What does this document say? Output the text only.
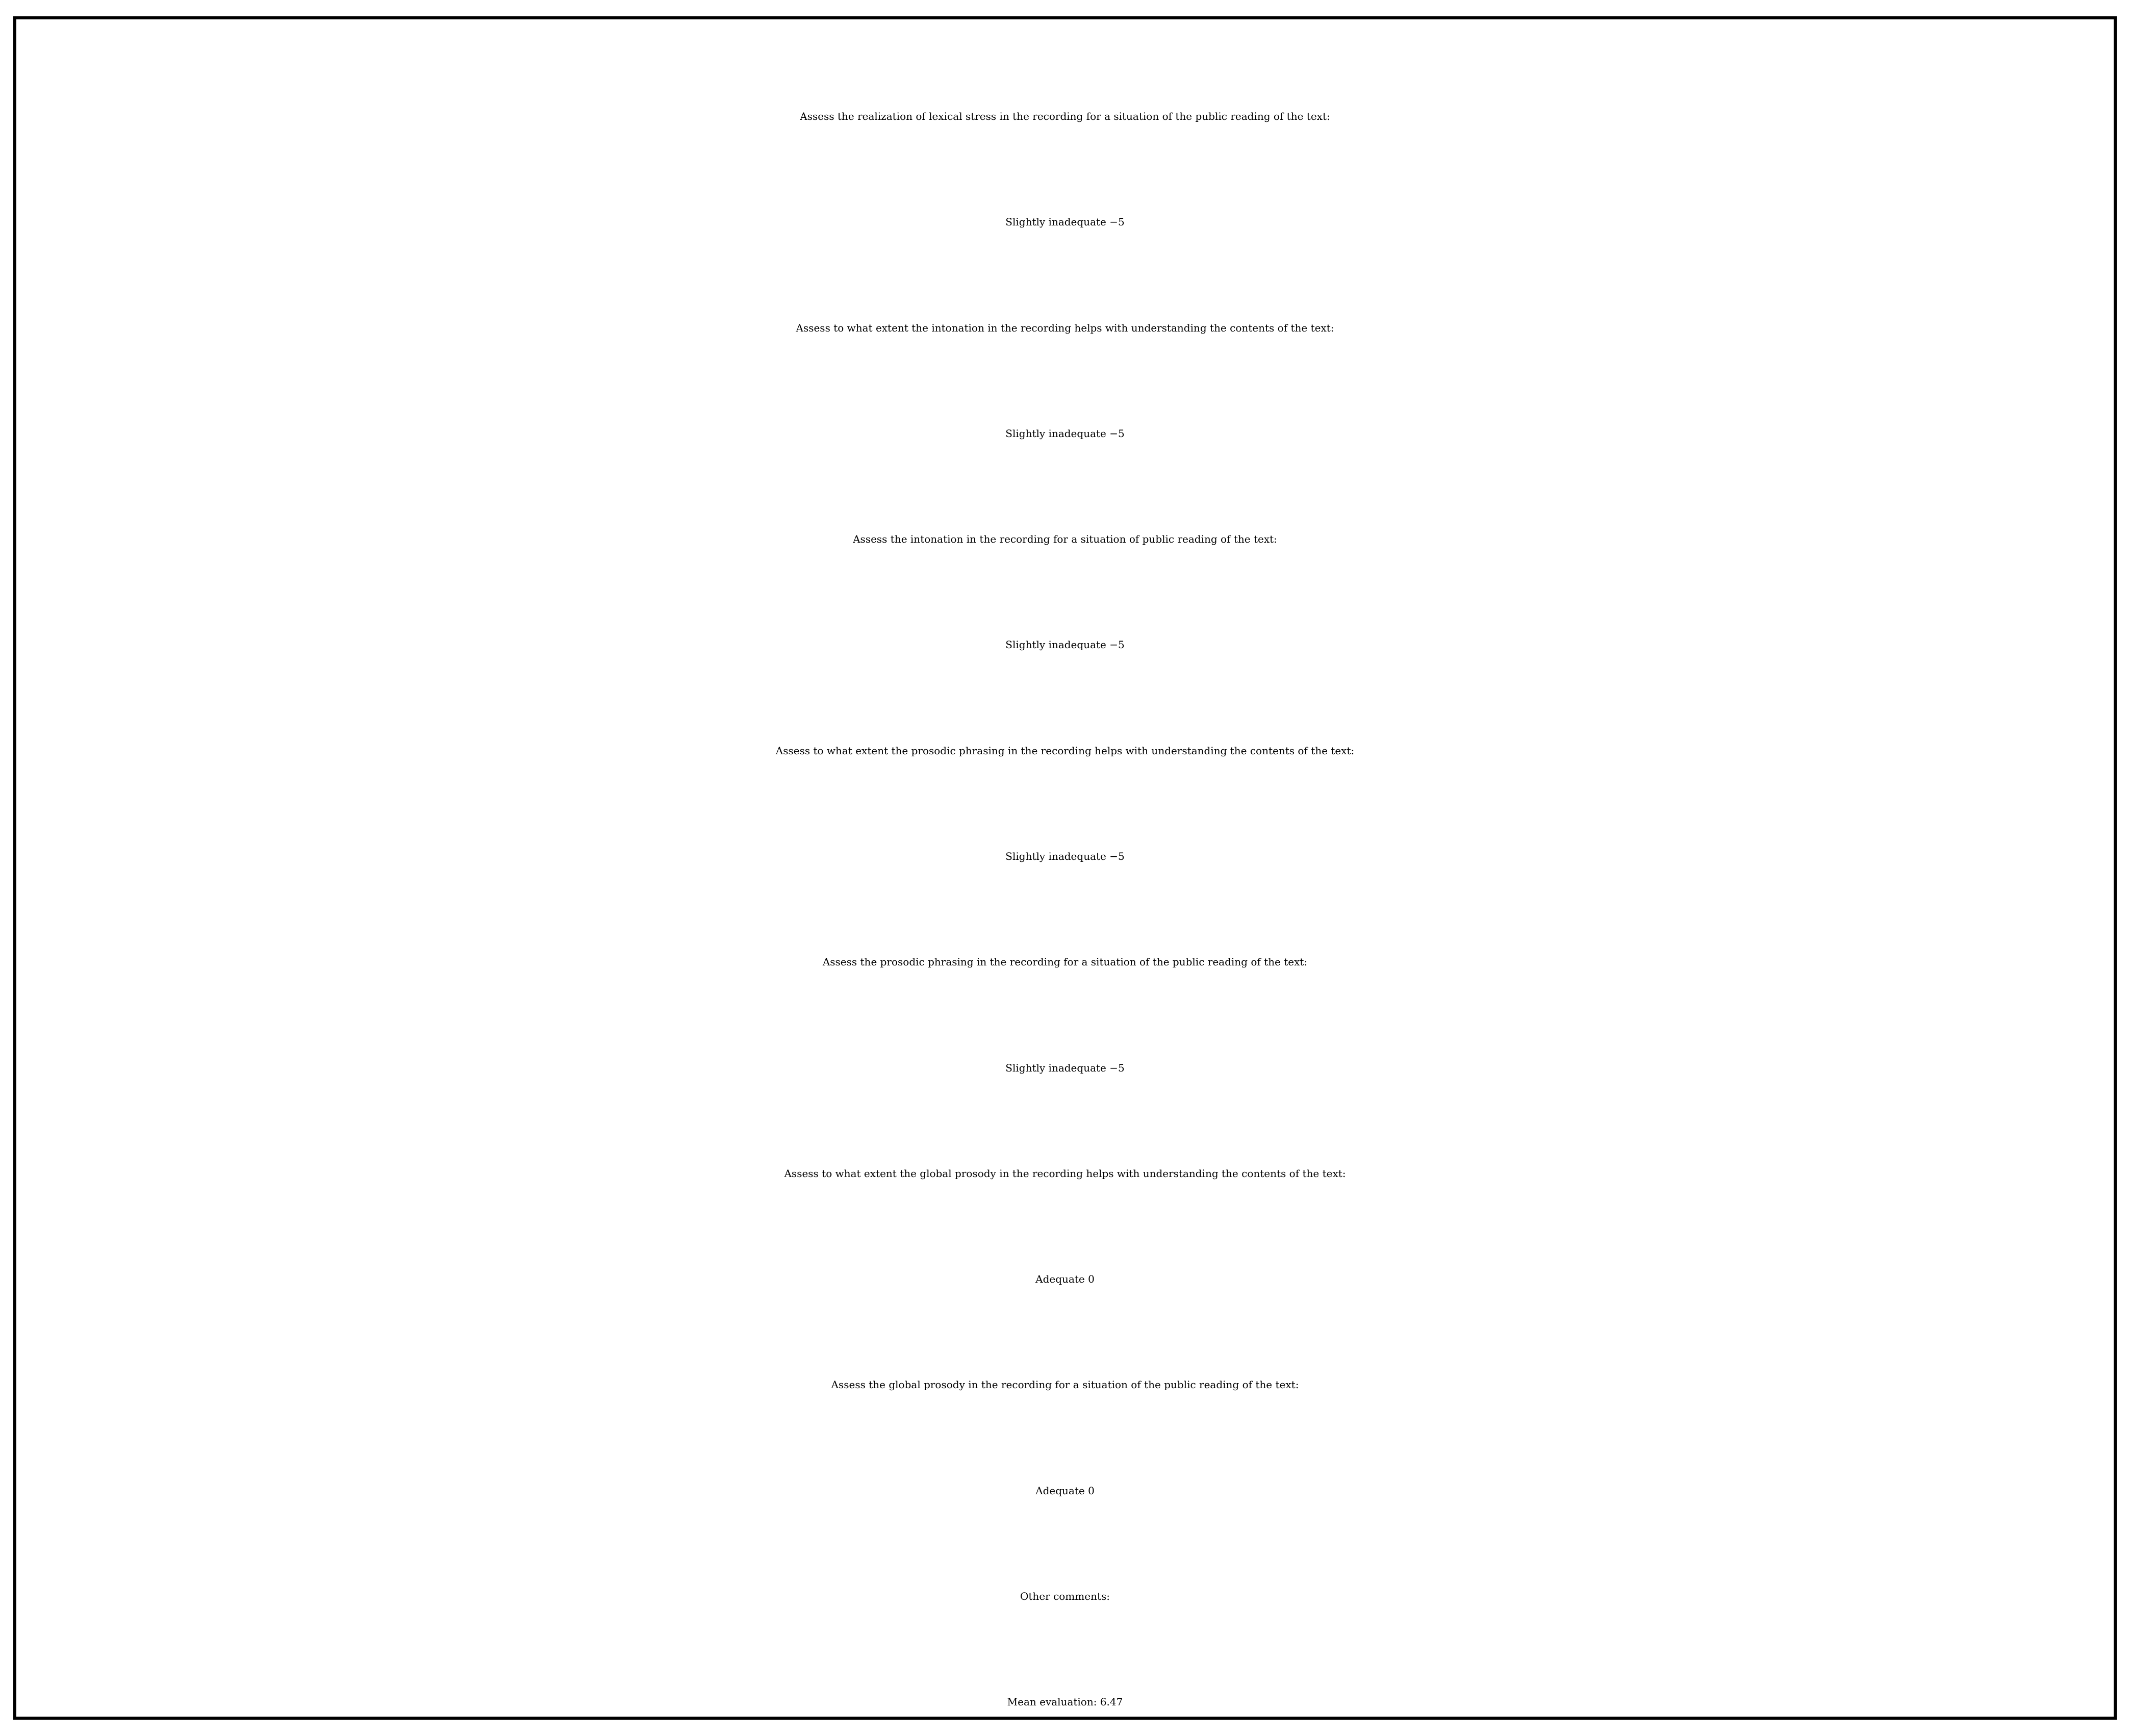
Assess the realization of lexical stress in the recording for a situation of the public reading of the text:
Slightly inadequate −5
Assess to what extent the intonation in the recording helps with understanding the contents of the text:
Slightly inadequate −5
Assess the intonation in the recording for a situation of public reading of the text:
Slightly inadequate −5
Assess to what extent the prosodic phrasing in the recording helps with understanding the contents of the text:
Slightly inadequate −5
Assess the prosodic phrasing in the recording for a situation of the public reading of the text:
Slightly inadequate −5
Assess to what extent the global prosody in the recording helps with understanding the contents of the text:
Adequate 0
Assess the global prosody in the recording for a situation of the public reading of the text:
Adequate 0
Other comments:
Mean evaluation: 6.47
